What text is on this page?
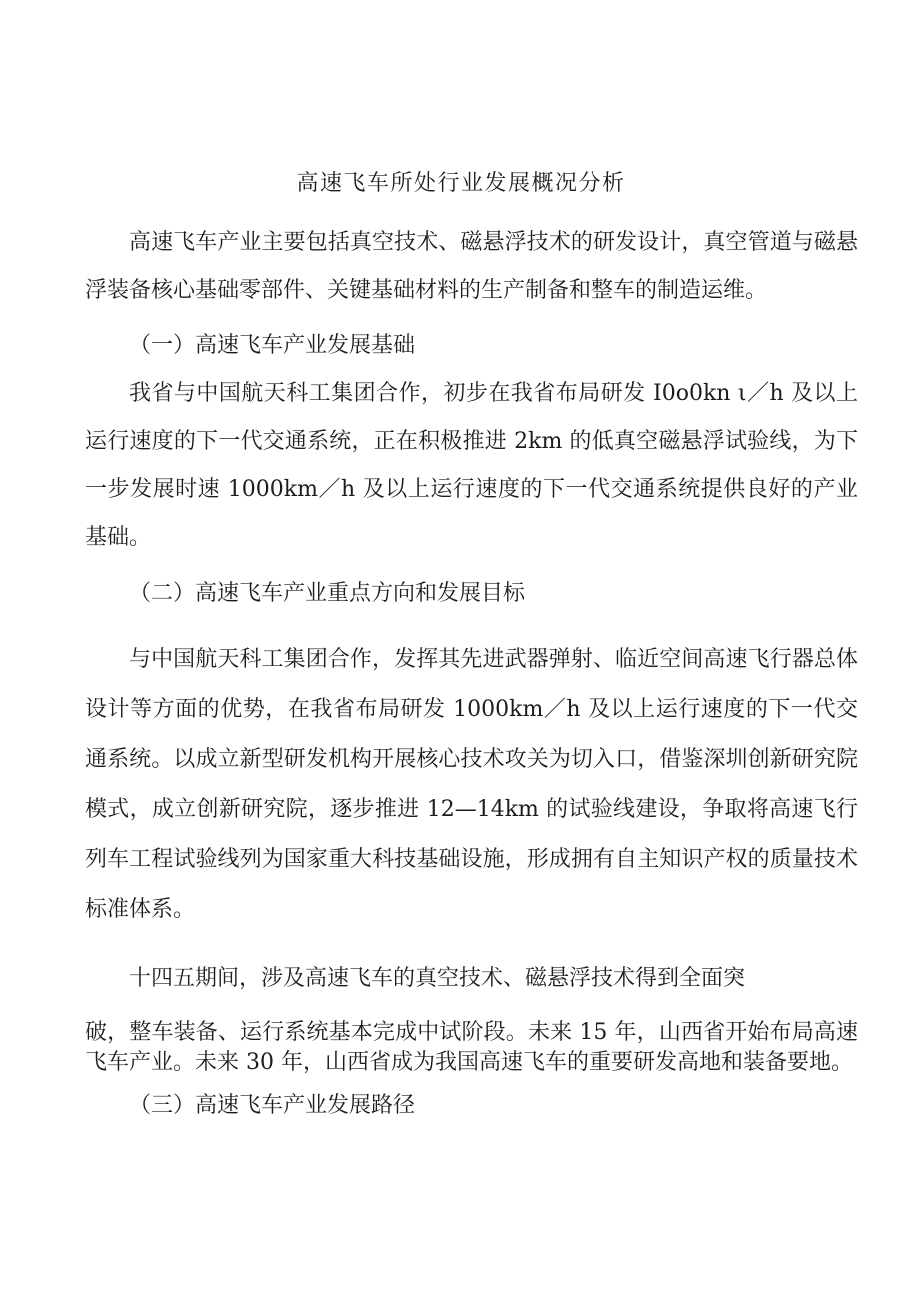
高速飞车所处行业发展概况分析

高速飞车产业主要包括真空技术、磁悬浮技术的研发设计，真空管道与磁悬浮装备核心基础零部件、关键基础材料的生产制备和整车的制造运维。

（一）高速飞车产业发展基础

我省与中国航天科工集团合作，初步在我省布局研发 I0o0kn ι／h 及以上运行速度的下一代交通系统，正在积极推进 2km 的低真空磁悬浮试验线，为下一步发展时速 1000km／h 及以上运行速度的下一代交通系统提供良好的产业基础。

（二）高速飞车产业重点方向和发展目标

与中国航天科工集团合作，发挥其先进武器弹射、临近空间高速飞行器总体设计等方面的优势，在我省布局研发 1000km／h 及以上运行速度的下一代交通系统。以成立新型研发机构开展核心技术攻关为切入口，借鉴深圳创新研究院模式，成立创新研究院，逐步推进 12—14km 的试验线建设，争取将高速飞行列车工程试验线列为国家重大科技基础设施，形成拥有自主知识产权的质量技术标准体系。

十四五期间，涉及高速飞车的真空技术、磁悬浮技术得到全面突

破，整车装备、运行系统基本完成中试阶段。未来 15 年，山西省开始布局高速飞车产业。未来 30 年，山西省成为我国高速飞车的重要研发高地和装备要地。

（三）高速飞车产业发展路径
